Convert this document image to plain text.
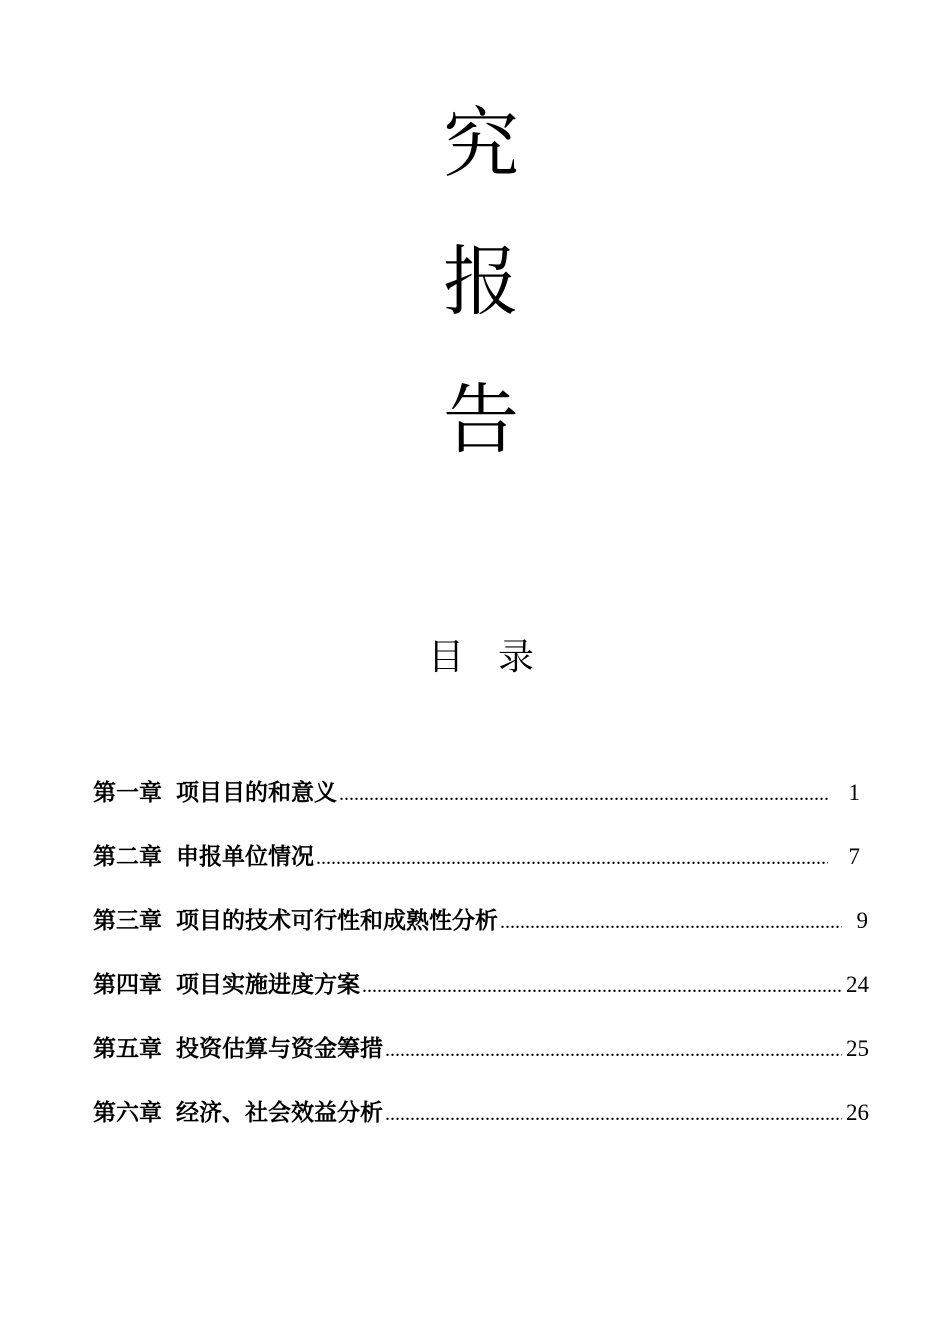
究
报
告
目 录
第一章 项目目的和意义 .....	1
第二章 申报单位情况 .....	7
第三章 项目的技术可行性和成熟性分析 .....	9
第四章 项目实施进度方案 .....	24
第五章 投资估算与资金筹措 .....	25
第六章 经济、社会效益分析 .....	26
